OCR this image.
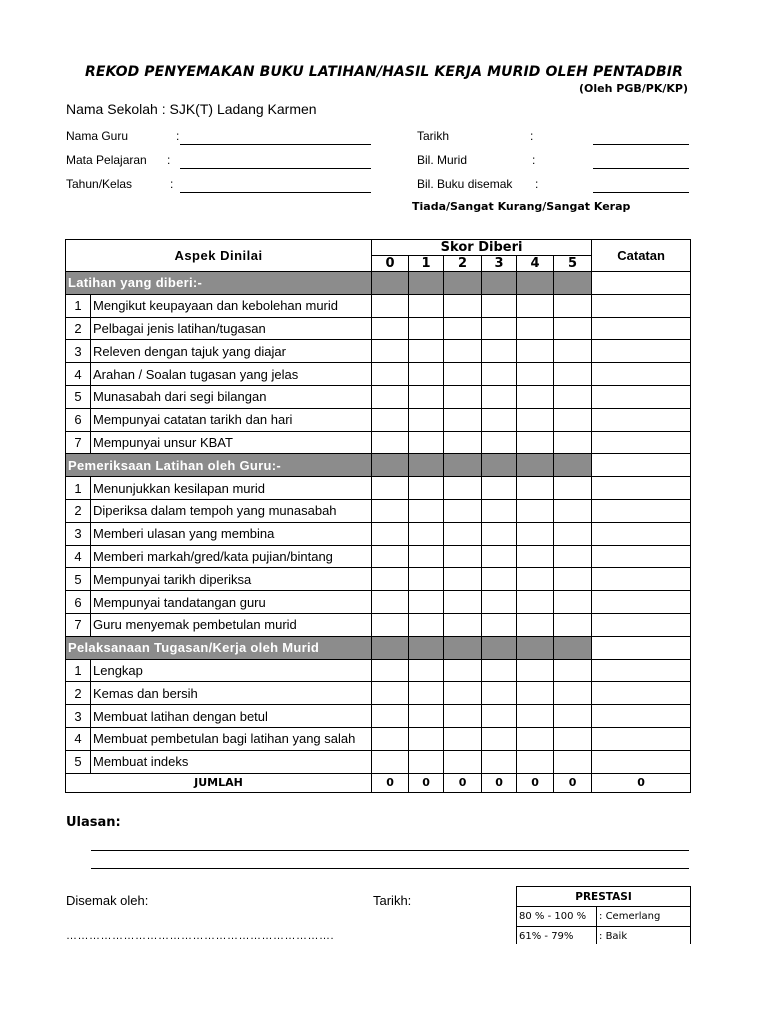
REKOD PENYEMAKAN BUKU LATIHAN/HASIL KERJA MURID OLEH PENTADBIR
(Oleh PGB/PK/KP)
Nama Sekolah : SJK(T) Ladang Karmen
Nama Guru	:
Mata Pelajaran :
Tahun/Kelas	:
Tarikh	:
Bil. Murid	:
Bil. Buku disemak :
Tiada/Sangat Kurang/Sangat Kerap
Aspek Dinilai		Skor Diberi						Catatan
		0	1	2	3	4	5	
Latihan yang diberi:-								
1	Mengikut keupayaan dan kebolehan murid							
2	Pelbagai jenis latihan/tugasan							
3	Releven dengan tajuk yang diajar							
4	Arahan / Soalan tugasan yang jelas							
5	Munasabah dari segi bilangan							
6	Mempunyai catatan tarikh dan hari							
7	Mempunyai unsur KBAT							
Pemeriksaan Latihan oleh Guru:-								
1	Menunjukkan kesilapan murid							
2	Diperiksa dalam tempoh yang munasabah							
3	Memberi ulasan yang membina							
4	Memberi markah/gred/kata pujian/bintang							
5	Mempunyai tarikh diperiksa							
6	Mempunyai tandatangan guru							
7	Guru menyemak pembetulan murid							
Pelaksanaan Tugasan/Kerja oleh Murid								
1	Lengkap							
2	Kemas dan bersih							
3	Membuat latihan dengan betul							
4	Membuat pembetulan bagi latihan yang salah							
5	Membuat indeks							
JUMLAH		0	0	0	0	0	0	0
Ulasan:
Disemak oleh:	Tarikh:
…………………………………………………………….
PRESTASI	
80 % - 100 %	: Cemerlang
61% - 79%	: Baik
